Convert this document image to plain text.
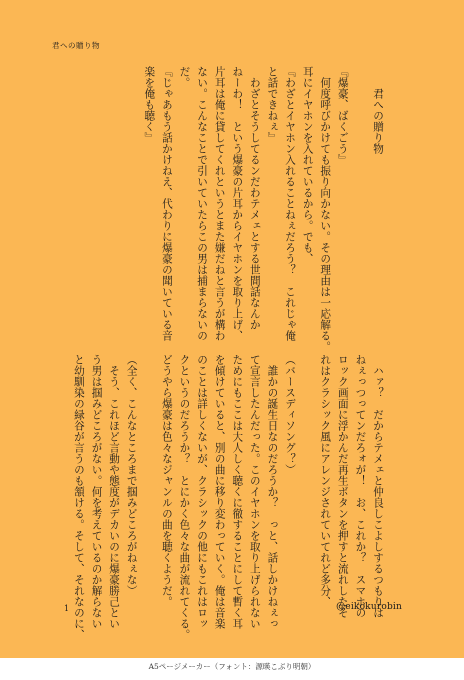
君への贈り物
　　君への贈り物

『爆豪、ばくごう』
　何度呼びかけても振り向かない。その理由は一応解る。
耳にイヤホンを入れているから。でも、
『わざとイヤホン入れることねぇだろう？　これじゃ俺
と話できねぇ』
　わざとそうしてるンだわテメェとする世間話なんか
ねーわ！　という爆豪の片耳からイヤホンを取り上げ、
片耳は俺に貸してくれというとまた嫌だねと言うが構わ
ない。こんなことで引いていたらこの男は捕まらないの
だ。
『じゃあもう話かけねえ、代わりに爆豪の聞いている音
楽を俺も聴く』
　ハァ？　だからテメェと仲良しこよしするつもりは
ねぇっつってンだろォが！　お、これか？　スマホの
ロック画面に浮かんだ再生ボタンを押すと流れしたそ
れはクラシック風にアレンジされていてれど多分、

（バースディソング？）
　誰かの誕生日なのだろうか？　っと、話しかけねぇっ
て宣言したんだった。このイヤホンを取り上げられない
ためにもここは大人しく聴くに徹することにして暫く耳
を傾けていると、別の曲に移り変わっていく。俺は音楽
のことは詳しくないが、クラシックの他にもこれはロッ
クというのだろうか？　とにかく色々な曲が流れてくる。
どうやら爆豪は色々なジャンルの曲を聴くようだ。

（全く、こんなところまで掴みどころがねぇな）
　そう、これほど言動や態度がデカいのに爆豪勝己とい
う男は掴みどころがない。何を考えているのか解らない
と幼馴染の緑谷が言うのも頷ける。そして、それなのに、
1	@eikokurobin
A5ページメーカー（フォント：源暎こぶり明朝）
